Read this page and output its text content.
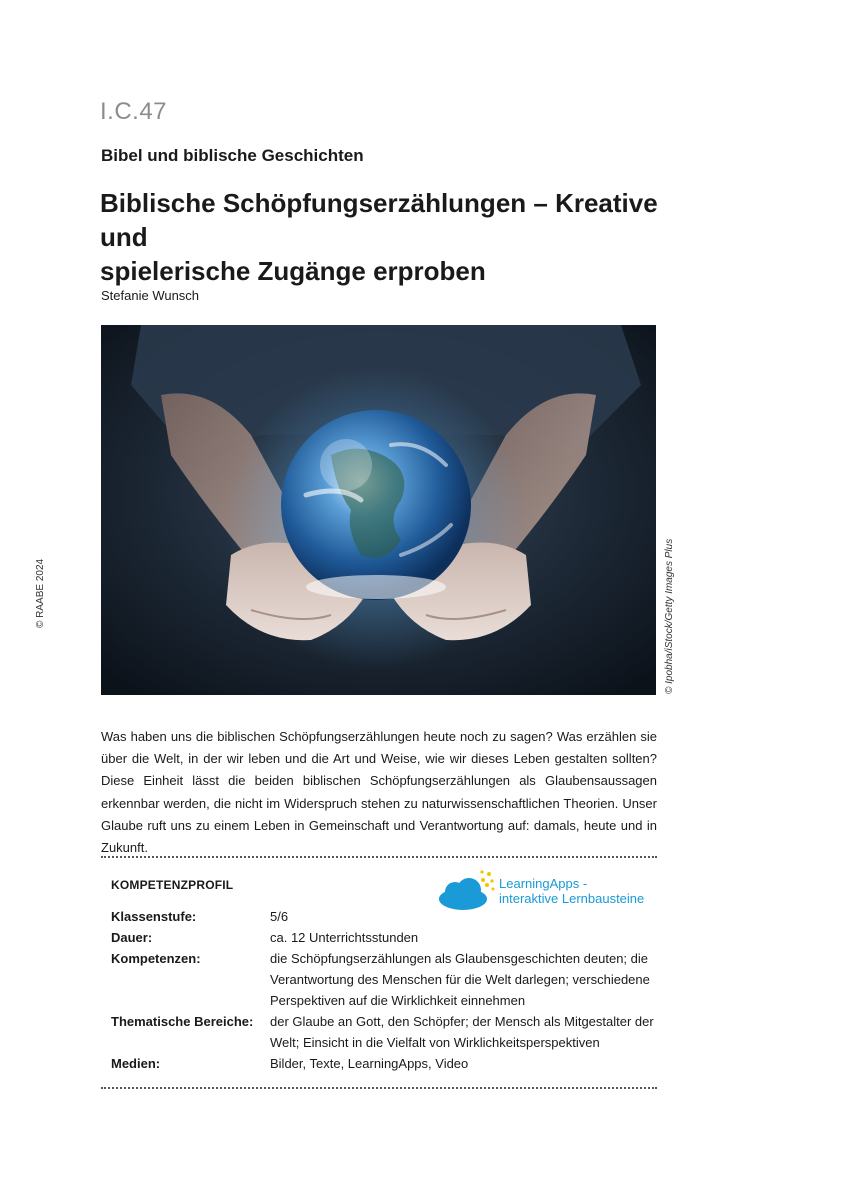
I.C.47
Bibel und biblische Geschichten
Biblische Schöpfungserzählungen – Kreative und
spielerische Zugänge erproben
Stefanie Wunsch
© RAABE 2024	© Ipobha/iStock/Getty Images Plus

Was haben uns die biblischen Schöpfungserzählungen heute noch zu sagen? Was erzählen sie über die Welt, in der wir leben und die Art und Weise, wie wir dieses Leben gestalten sollten? Diese Einheit lässt die beiden biblischen Schöpfungserzählungen als Glaubensaussagen erkennbar werden, die nicht im Widerspruch stehen zu naturwissenschaftlichen Theorien. Unser Glaube ruft uns zu einem Leben in Gemeinschaft und Verantwortung auf: damals, heute und in Zukunft.

KOMPETENZPROFIL	LearningApps -
interaktive Lernbausteine
Klassenstufe:	5/6
Dauer:	ca. 12 Unterrichtsstunden
Kompetenzen:	die Schöpfungserzählungen als Glaubensgeschichten deuten; die Verantwortung des Menschen für die Welt darlegen; verschiedene Perspektiven auf die Wirklichkeit einnehmen
Thematische Bereiche: der Glaube an Gott, den Schöpfer; der Mensch als Mitgestalter der Welt; Einsicht in die Vielfalt von Wirklichkeitsperspektiven
Medien:	Bilder, Texte, LearningApps, Video
